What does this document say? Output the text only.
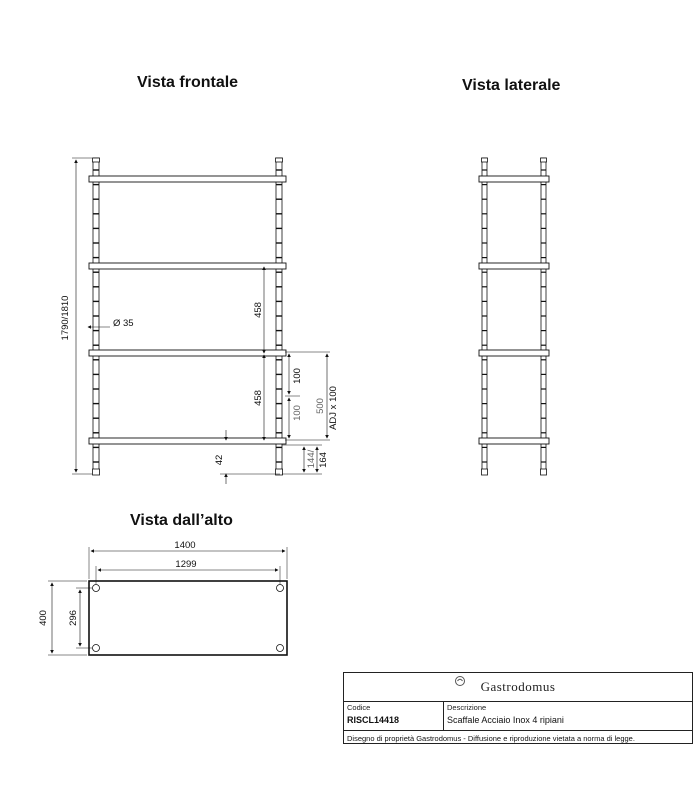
Vista frontale	Vista laterale
Vista dall’alto
1790/1810	Ø 35
458
458
100
100 500 ADJ x 100
42	144/ 164
1400
1299
400 296
Gastrodomus
Codice
RISCL14418
Descrizione
Scaffale Acciaio Inox 4 ripiani
Disegno di proprietà Gastrodomus - Diffusione e riproduzione vietata a norma di legge.
